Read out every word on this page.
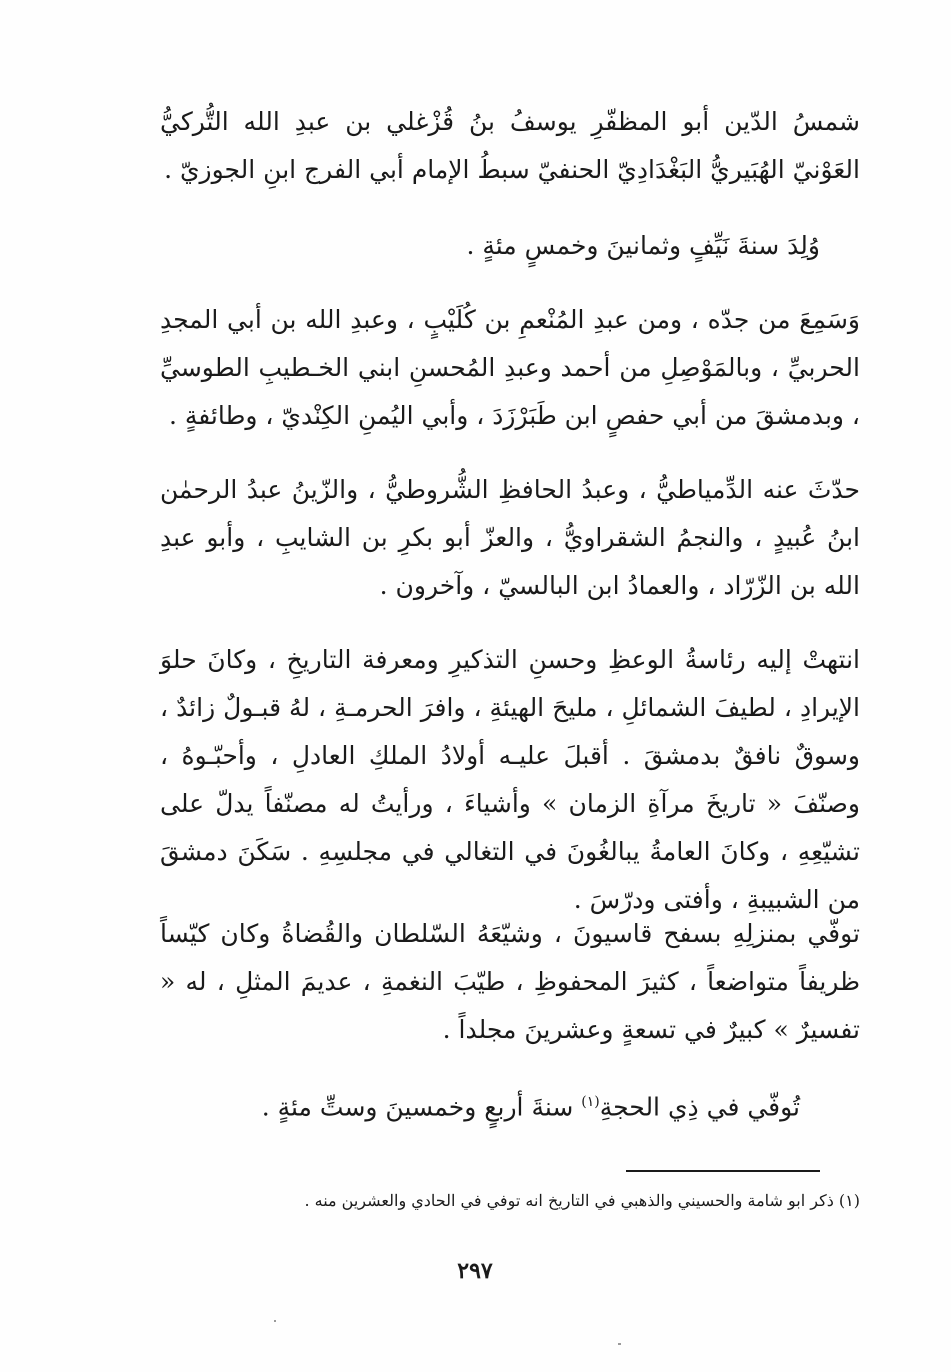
شمسُ الدّين أبو المظفّرِ يوسفُ بنُ قُزْغلي بن عبدِ الله التُّركيُّ العَوْنيّ الهُبَيريُّ البَغْدَادِيّ الحنفيّ سبطُ الإمام أبي الفرج ابنِ الجوزيّ .

وُلِدَ سنةَ نَيِّفٍ وثمانينَ وخمسٍ مئةٍ .

وَسَمِعَ من جدّه ، ومن عبدِ المُنْعمِ بن كُلَيْبٍ ، وعبدِ الله بن أبي المجدِ الحربيِّ ، وبالمَوْصِلِ من أحمد وعبدِ المُحسنِ ابني الخـطيبِ الطوسيِّ ، وبدمشقَ من أبي حفصٍ ابن طَبَرْزَدَ ، وأبي اليُمنِ الكِنْديّ ، وطائفةٍ .

حدّثَ عنه الدِّمياطيُّ ، وعبدُ الحافظِ الشُّروطيُّ ، والزّينُ عبدُ الرحمٰن ابنُ عُبيدٍ ، والنجمُ الشقراويُّ ، والعزّ أبو بكرِ بن الشايبِ ، وأبو عبدِ الله بن الزّرّاد ، والعمادُ ابن البالسيّ ، وآخرون .

انتهتْ إليه رئاسةُ الوعظِ وحسنِ التذكيرِ ومعرفة التاريخِ ، وكانَ حلوَ الإيرادِ ، لطيفَ الشمائلِ ، مليحَ الهيئةِ ، وافرَ الحرمـةِ ، لهُ قبـولٌ زائدٌ ، وسوقٌ نافقٌ بدمشقَ . أقبلَ عليـه أولادُ الملكِ العادلِ ، وأحبّـوهُ ، وصنّفَ « تاريخَ مرآةِ الزمان » وأشياءَ ، ورأيتُ له مصنّفاً يدلّ على تشيّعِهِ ، وكانَ العامةُ يبالغُونَ في التغالي في مجلسِهِ . سَكَنَ دمشقَ من الشبيبةِ ، وأفتى ودرّسَ .

توفّي بمنزلِهِ بسفح قاسيونَ ، وشيّعَهُ السّلطان والقُضاةُ وكان كيّساً ظريفاً متواضعاً ، كثيرَ المحفوظِ ، طيّبَ النغمةِ ، عديمَ المثلِ ، له « تفسيرٌ » كبيرٌ في تسعةٍ وعشرينَ مجلداً .

تُوفّي في ذِي الحجةِ$^{(١)}$ سنةَ أربعٍ وخمسينَ وستِّ مئةٍ .

(١) ذكر ابو شامة والحسيني والذهبي في التاريخ انه توفي في الحادي والعشرين منه .

٢٩٧
